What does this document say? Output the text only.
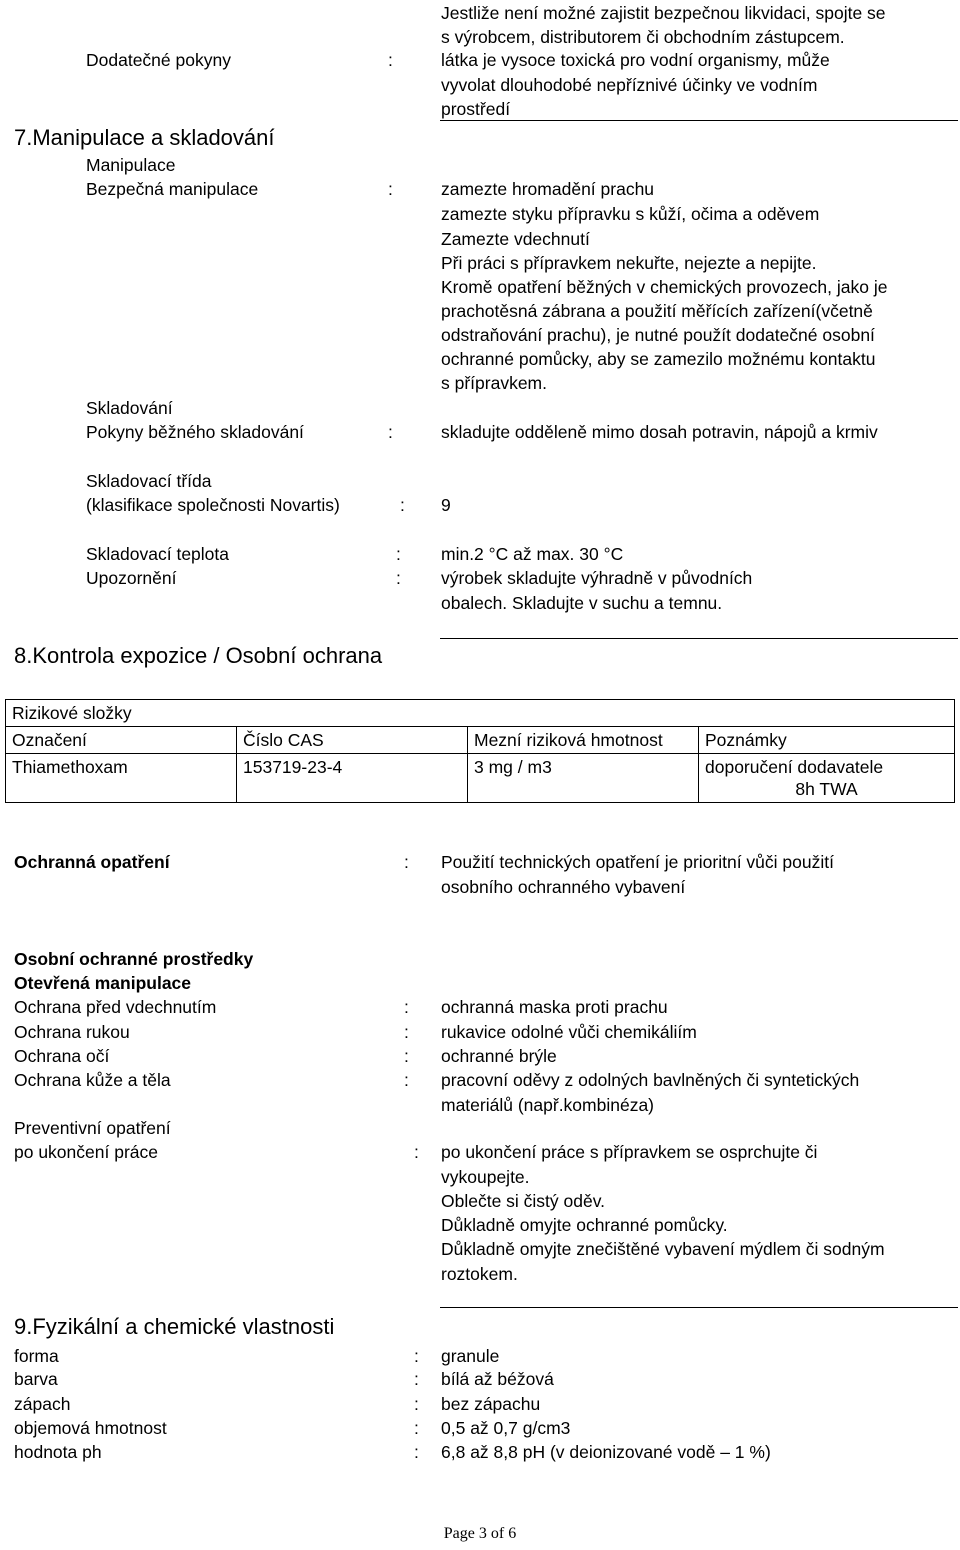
Jestliže není možné zajistit bezpečnou likvidaci, spojte se
s výrobcem, distributorem či obchodním zástupcem.
Dodatečné pokyny	:	látka je vysoce toxická pro vodní organismy, může
vyvolat dlouhodobé nepříznivé účinky ve vodním
prostředí
7.Manipulace a skladování
Manipulace
Bezpečná manipulace	:	zamezte hromadění prachu
zamezte styku přípravku s kůží, očima a oděvem
Zamezte vdechnutí
Při práci s přípravkem nekuřte, nejezte a nepijte.
Kromě opatření běžných v chemických provozech, jako je
prachotěsná zábrana a použití měřících zařízení(včetně
odstraňování prachu), je nutné použít dodatečné osobní
ochranné pomůcky, aby se zamezilo možnému kontaktu
s přípravkem.
Skladování
Pokyny běžného skladování	:	skladujte odděleně mimo dosah potravin, nápojů a krmiv
Skladovací třída
(klasifikace společnosti Novartis)	: 9
Skladovací teplota	: min.2 °C až max. 30 °C
Upozornění	: výrobek skladujte výhradně v původních
obalech. Skladujte v suchu a temnu.
8.Kontrola expozice / Osobní ochrana
Rizikové složky			
Označení	Číslo CAS	Mezní riziková hmotnost	Poznámky
Thiamethoxam	153719-23-4	3 mg / m3	doporučení dodavatele
8h TWA
Ochranná opatření	: Použití technických opatření je prioritní vůči použití
osobního ochranného vybavení
Osobní ochranné prostředky
Otevřená manipulace
Ochrana před vdechnutím	: ochranná maska proti prachu
Ochrana rukou	: rukavice odolné vůči chemikáliím
Ochrana očí	: ochranné brýle
Ochrana kůže a těla	: pracovní oděvy z odolných bavlněných či syntetických
materiálů (např.kombinéza)
Preventivní opatření
po ukončení práce	: po ukončení práce s přípravkem se osprchujte či
vykoupejte.
Oblečte si čistý oděv.
Důkladně omyjte ochranné pomůcky.
Důkladně omyjte znečištěné vybavení mýdlem či sodným
roztokem.
9.Fyzikální a chemické vlastnosti
forma	: granule
barva	: bílá až béžová
zápach	: bez zápachu
objemová hmotnost	: 0,5 až 0,7 g/cm3
hodnota ph	: 6,8 až 8,8 pH (v deionizované vodě – 1 %)
Page 3 of 6
